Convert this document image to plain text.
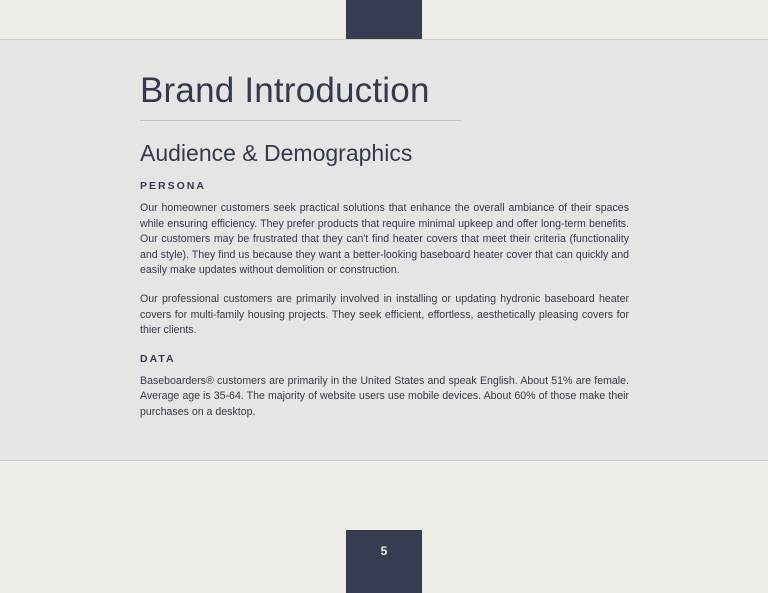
Brand Introduction
Audience & Demographics
PERSONA

Our homeowner customers seek practical solutions that enhance the overall ambiance of their spaces while ensuring efficiency. They prefer products that require minimal upkeep and offer long-term benefits. Our customers may be frustrated that they can't find heater covers that meet their criteria (functionality and style). They find us because they want a better-looking baseboard heater cover that can quickly and easily make updates without demolition or construction.

Our professional customers are primarily involved in installing or updating hydronic baseboard heater covers for multi-family housing projects. They seek efficient, effortless, aesthetically pleasing covers for thier clients.

DATA

Baseboarders® customers are primarily in the United States and speak English. About 51% are female. Average age is 35-64. The majority of website users use mobile devices. About 60% of those make their purchases on a desktop.

5
